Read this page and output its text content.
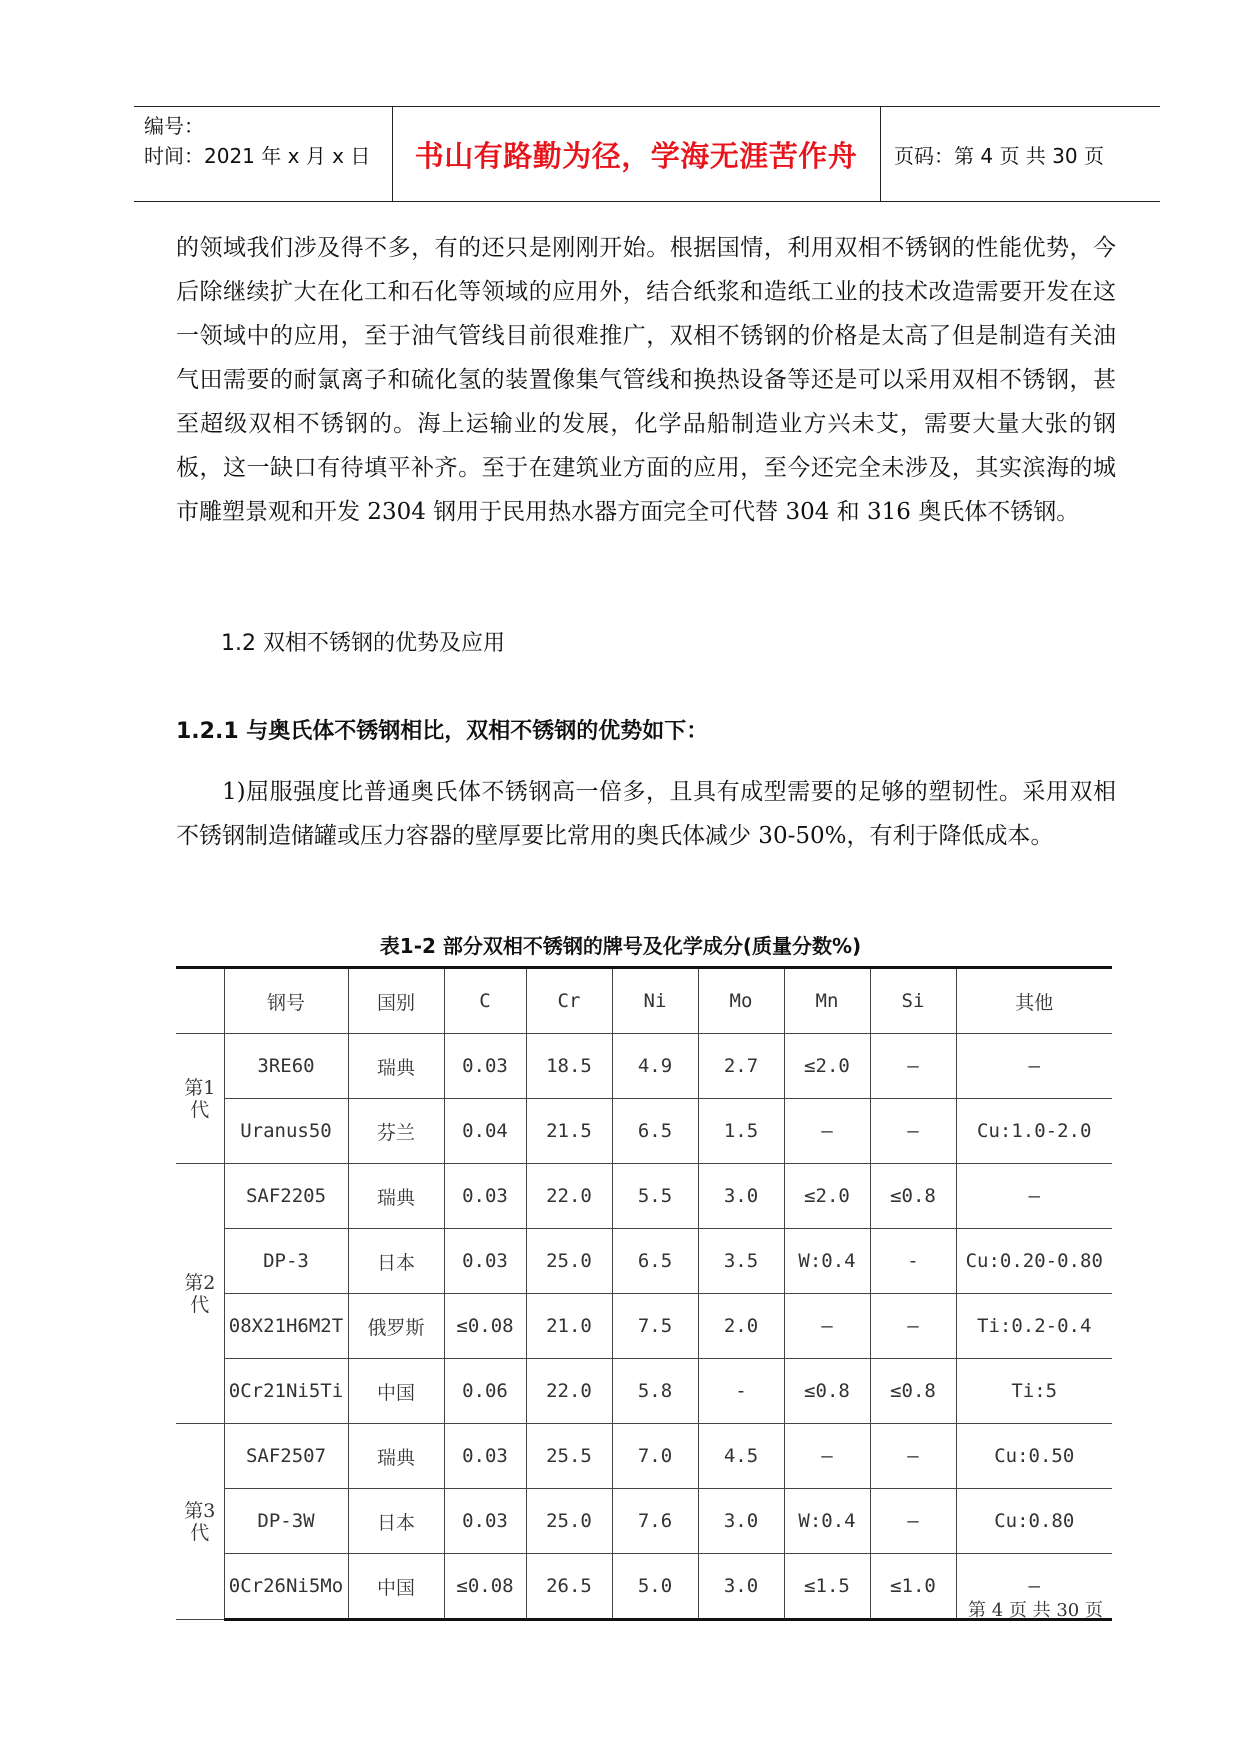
编号：
时间：2021 年 x 月 x 日	书山有路勤为径，学海无涯苦作舟	页码：第 4 页 共 30 页
的领域我们涉及得不多，有的还只是刚刚开始。根据国情，利用双相不锈钢的性能优势，今后除继续扩大在化工和石化等领域的应用外，结合纸浆和造纸工业的技术改造需要开发在这一领域中的应用，至于油气管线目前很难推广，双相不锈钢的价格是太高了但是制造有关油气田需要的耐氯离子和硫化氢的装置像集气管线和换热设备等还是可以采用双相不锈钢，甚至超级双相不锈钢的。海上运输业的发展，化学品船制造业方兴未艾，需要大量大张的钢板，这一缺口有待填平补齐。至于在建筑业方面的应用，至今还完全未涉及，其实滨海的城市雕塑景观和开发 2304 钢用于民用热水器方面完全可代替 304 和 316 奥氏体不锈钢。
1.2 双相不锈钢的优势及应用
1.2.1 与奥氏体不锈钢相比，双相不锈钢的优势如下：
1)屈服强度比普通奥氏体不锈钢高一倍多，且具有成型需要的足够的塑韧性。采用双相不锈钢制造储罐或压力容器的壁厚要比常用的奥氏体减少 30-50%，有利于降低成本。
表1-2 部分双相不锈钢的牌号及化学成分(质量分数%)
	钢号	国别	C	Cr	Ni	Mo	Mn	Si	其他
第1代	3RE60	瑞典	0.03	18.5	4.9	2.7	≤2.0	—	—
	Uranus50	芬兰	0.04	21.5	6.5	1.5	—	—	Cu:1.0-2.0
第2代	SAF2205	瑞典	0.03	22.0	5.5	3.0	≤2.0	≤0.8	—
	DP-3	日本	0.03	25.0	6.5	3.5	W:0.4	-	Cu:0.20-0.80
	08X21H6M2T	俄罗斯	≤0.08	21.0	7.5	2.0	—	—	Ti:0.2-0.4
	0Cr21Ni5Ti	中国	0.06	22.0	5.8	-	≤0.8	≤0.8	Ti:5
第3代	SAF2507	瑞典	0.03	25.5	7.0	4.5	—	—	Cu:0.50
	DP-3W	日本	0.03	25.0	7.6	3.0	W:0.4	—	Cu:0.80
	0Cr26Ni5Mo	中国	≤0.08	26.5	5.0	3.0	≤1.5	≤1.0	—
第 4 页 共 30 页
